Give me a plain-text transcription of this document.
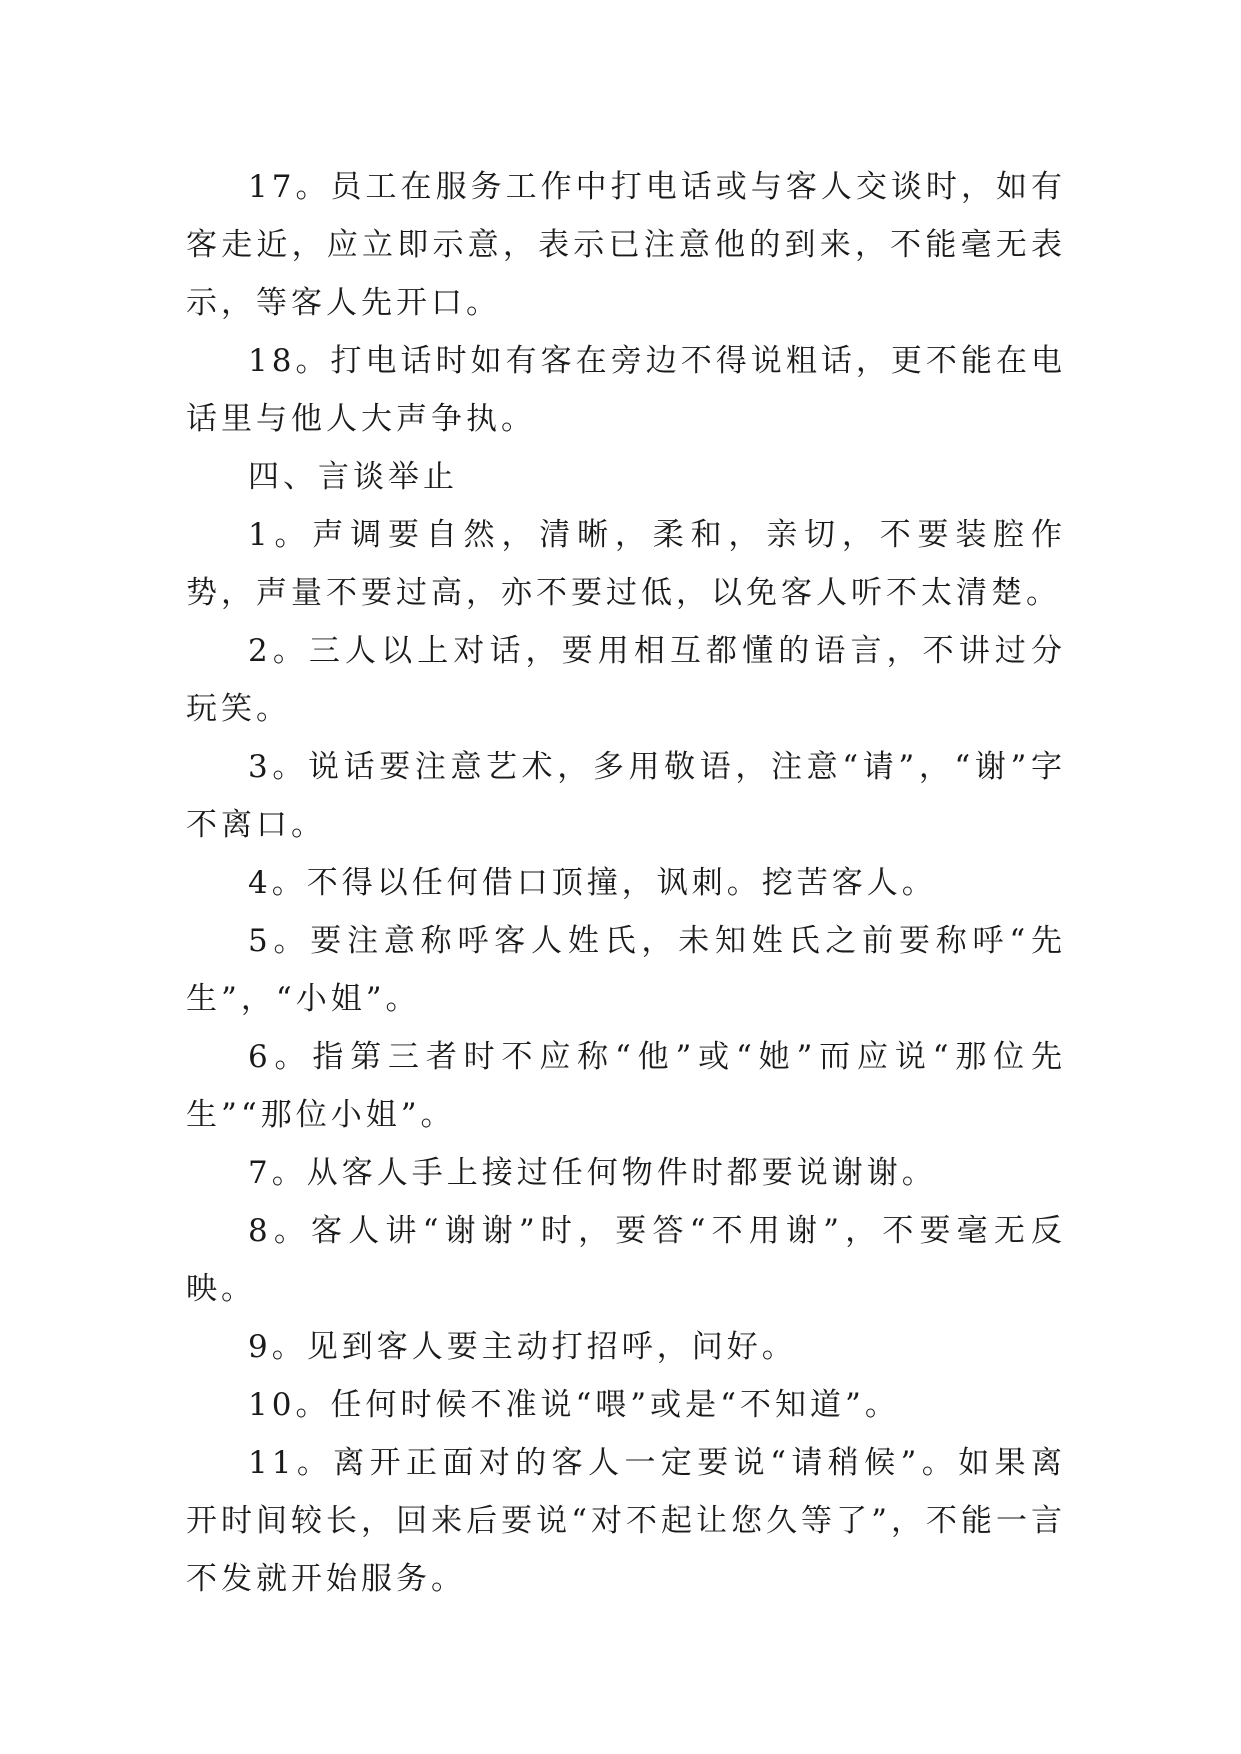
17。员工在服务工作中打电话或与客人交谈时，如有客走近，应立即示意，表示已注意他的到来，不能毫无表示，等客人先开口。

18。打电话时如有客在旁边不得说粗话，更不能在电话里与他人大声争执。

四、言谈举止

1。声调要自然，清晰，柔和，亲切，不要装腔作势，声量不要过高，亦不要过低，以免客人听不太清楚。

2。三人以上对话，要用相互都懂的语言，不讲过分玩笑。

3。说话要注意艺术，多用敬语，注意“请”，“谢”字不离口。

4。不得以任何借口顶撞，讽刺。挖苦客人。

5。要注意称呼客人姓氏，未知姓氏之前要称呼“先生”，“小姐”。

6。指第三者时不应称“他”或“她”而应说“那位先生”“那位小姐”。

7。从客人手上接过任何物件时都要说谢谢。

8。客人讲“谢谢”时，要答“不用谢”，不要毫无反映。

9。见到客人要主动打招呼，问好。

10。任何时候不准说“喂”或是“不知道”。

11。离开正面对的客人一定要说“请稍候”。如果离开时间较长，回来后要说“对不起让您久等了”，不能一言不发就开始服务。
